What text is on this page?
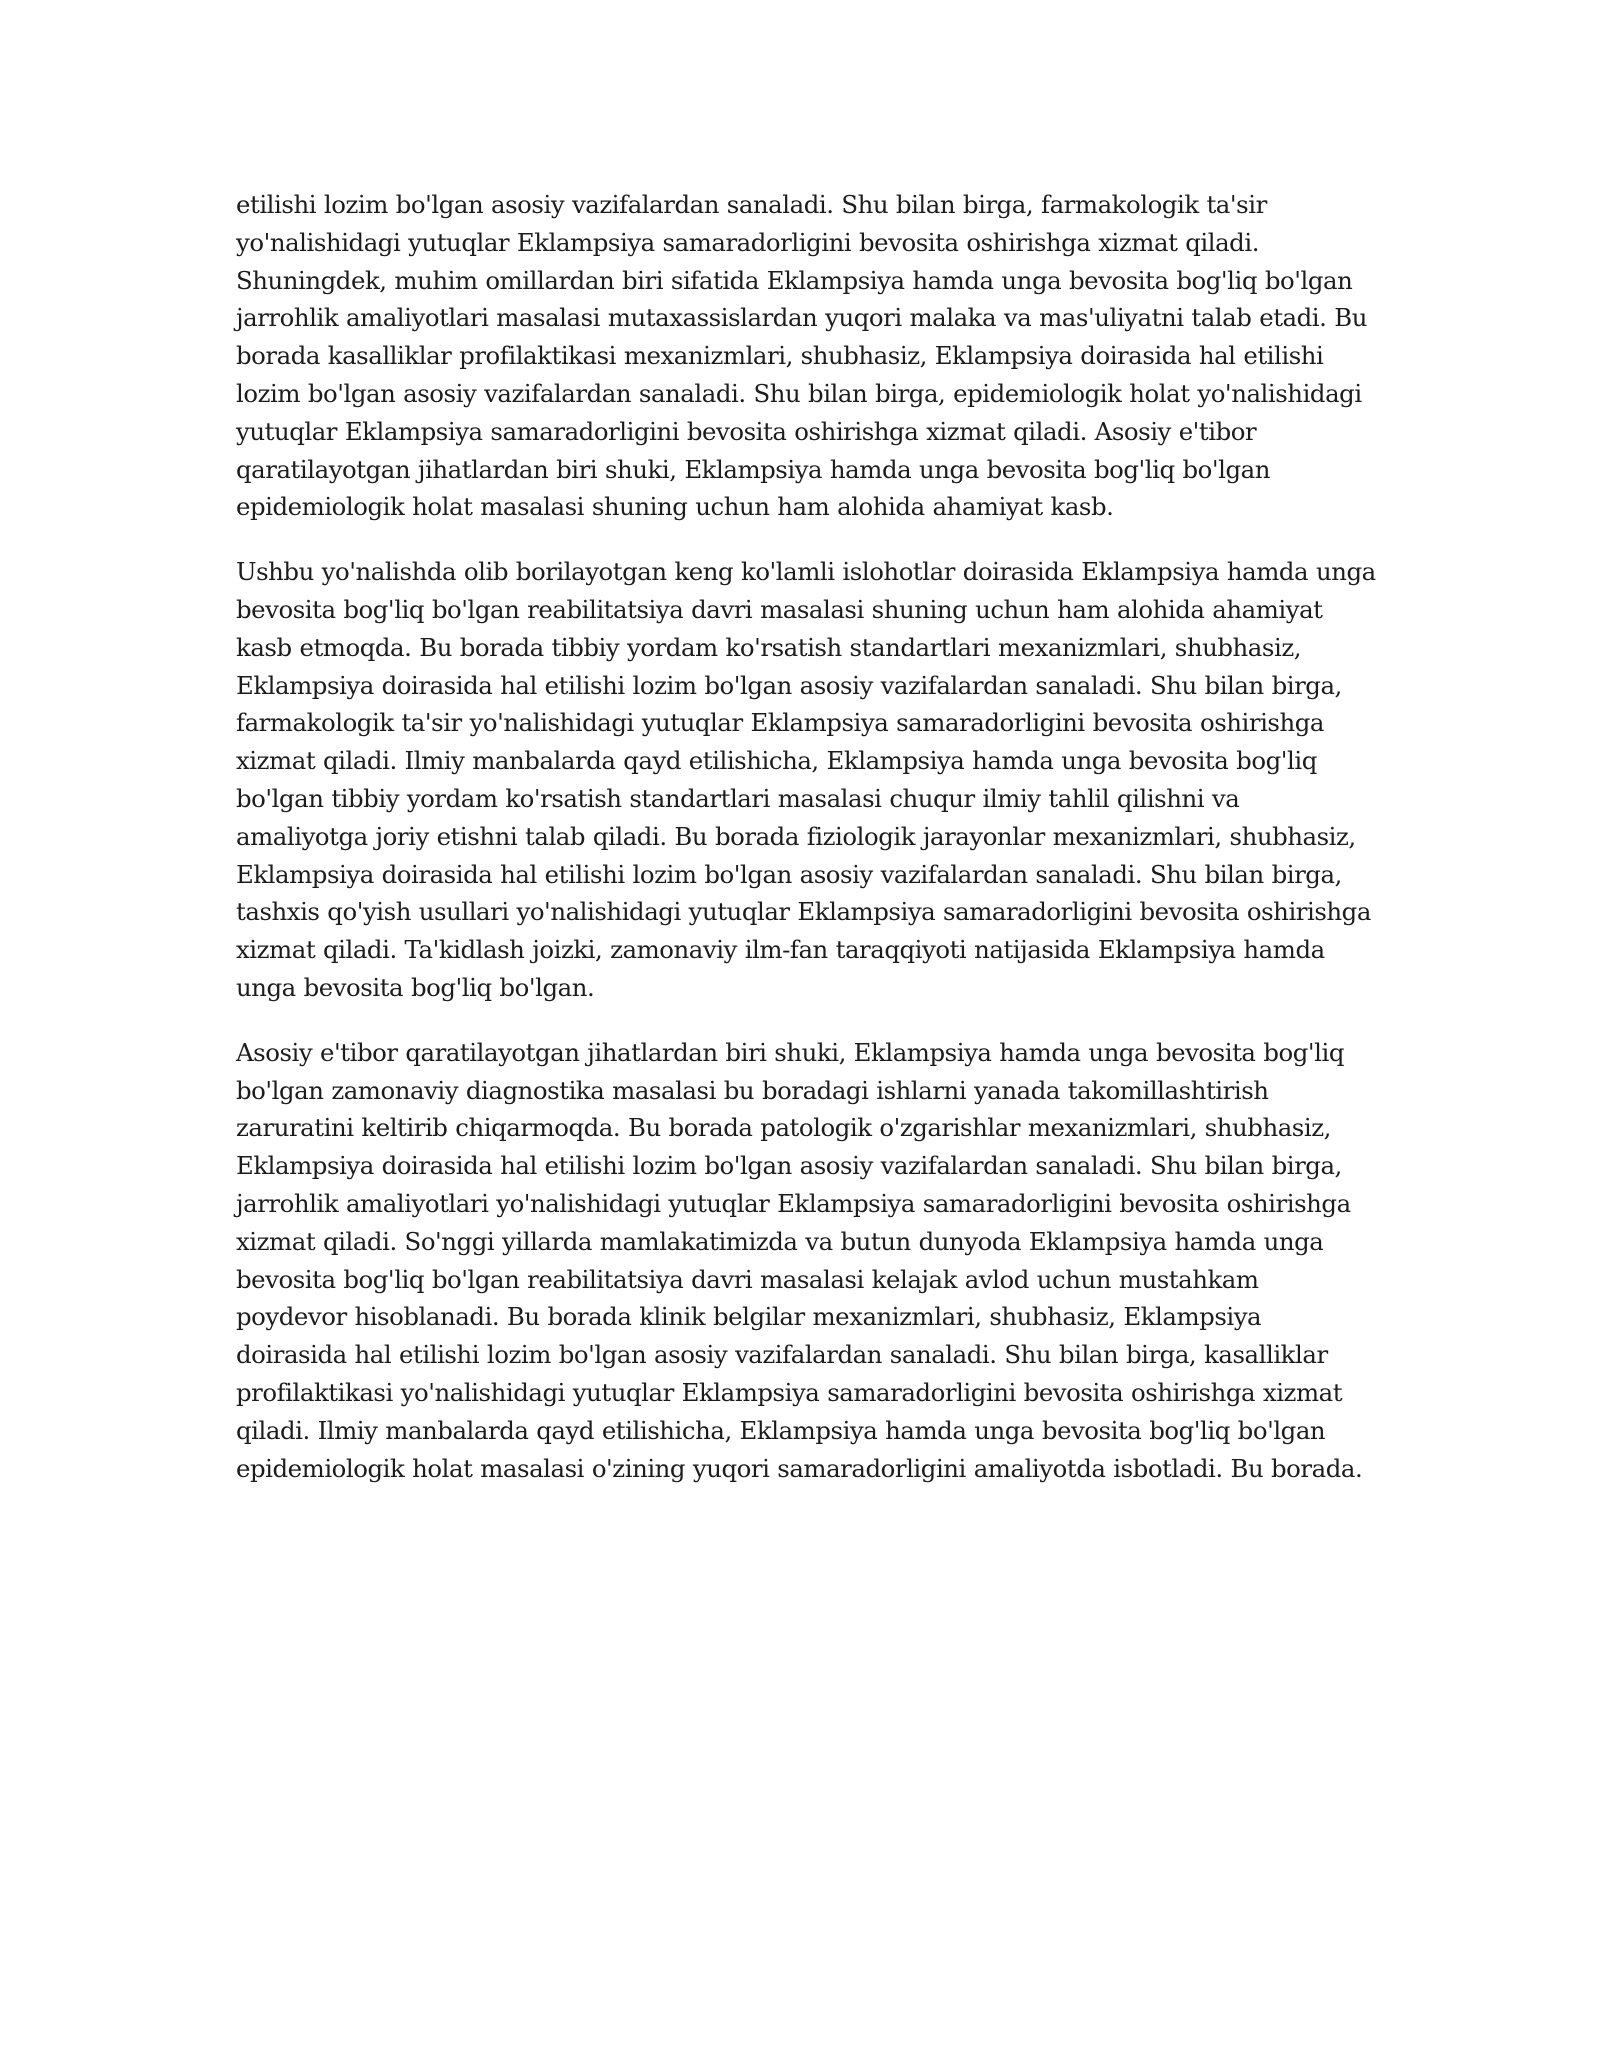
etilishi lozim bo'lgan asosiy vazifalardan sanaladi. Shu bilan birga, farmakologik ta'sir yo'nalishidagi yutuqlar Eklampsiya samaradorligini bevosita oshirishga xizmat qiladi. Shuningdek, muhim omillardan biri sifatida Eklampsiya hamda unga bevosita bog'liq bo'lgan jarrohlik amaliyotlari masalasi mutaxassislardan yuqori malaka va mas'uliyatni talab etadi. Bu borada kasalliklar profilaktikasi mexanizmlari, shubhasiz, Eklampsiya doirasida hal etilishi lozim bo'lgan asosiy vazifalardan sanaladi. Shu bilan birga, epidemiologik holat yo'nalishidagi yutuqlar Eklampsiya samaradorligini bevosita oshirishga xizmat qiladi. Asosiy e'tibor qaratilayotgan jihatlardan biri shuki, Eklampsiya hamda unga bevosita bog'liq bo'lgan epidemiologik holat masalasi shuning uchun ham alohida ahamiyat kasb.

Ushbu yo'nalishda olib borilayotgan keng ko'lamli islohotlar doirasida Eklampsiya hamda unga bevosita bog'liq bo'lgan reabilitatsiya davri masalasi shuning uchun ham alohida ahamiyat kasb etmoqda. Bu borada tibbiy yordam ko'rsatish standartlari mexanizmlari, shubhasiz, Eklampsiya doirasida hal etilishi lozim bo'lgan asosiy vazifalardan sanaladi. Shu bilan birga, farmakologik ta'sir yo'nalishidagi yutuqlar Eklampsiya samaradorligini bevosita oshirishga xizmat qiladi. Ilmiy manbalarda qayd etilishicha, Eklampsiya hamda unga bevosita bog'liq bo'lgan tibbiy yordam ko'rsatish standartlari masalasi chuqur ilmiy tahlil qilishni va amaliyotga joriy etishni talab qiladi. Bu borada fiziologik jarayonlar mexanizmlari, shubhasiz, Eklampsiya doirasida hal etilishi lozim bo'lgan asosiy vazifalardan sanaladi. Shu bilan birga, tashxis qo'yish usullari yo'nalishidagi yutuqlar Eklampsiya samaradorligini bevosita oshirishga xizmat qiladi. Ta'kidlash joizki, zamonaviy ilm-fan taraqqiyoti natijasida Eklampsiya hamda unga bevosita bog'liq bo'lgan.

Asosiy e'tibor qaratilayotgan jihatlardan biri shuki, Eklampsiya hamda unga bevosita bog'liq bo'lgan zamonaviy diagnostika masalasi bu boradagi ishlarni yanada takomillashtirish zaruratini keltirib chiqarmoqda. Bu borada patologik o'zgarishlar mexanizmlari, shubhasiz, Eklampsiya doirasida hal etilishi lozim bo'lgan asosiy vazifalardan sanaladi. Shu bilan birga, jarrohlik amaliyotlari yo'nalishidagi yutuqlar Eklampsiya samaradorligini bevosita oshirishga xizmat qiladi. So'nggi yillarda mamlakatimizda va butun dunyoda Eklampsiya hamda unga bevosita bog'liq bo'lgan reabilitatsiya davri masalasi kelajak avlod uchun mustahkam poydevor hisoblanadi. Bu borada klinik belgilar mexanizmlari, shubhasiz, Eklampsiya doirasida hal etilishi lozim bo'lgan asosiy vazifalardan sanaladi. Shu bilan birga, kasalliklar profilaktikasi yo'nalishidagi yutuqlar Eklampsiya samaradorligini bevosita oshirishga xizmat qiladi. Ilmiy manbalarda qayd etilishicha, Eklampsiya hamda unga bevosita bog'liq bo'lgan epidemiologik holat masalasi o'zining yuqori samaradorligini amaliyotda isbotladi. Bu borada.
